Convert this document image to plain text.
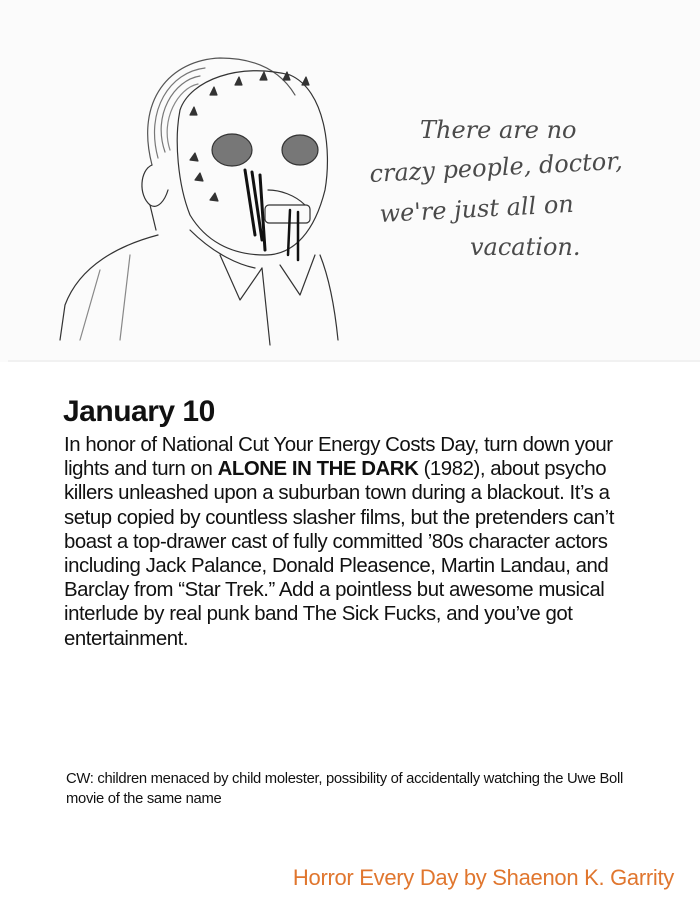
There are no
crazy people, doctor,
we're just all on
vacation.
January 10

In honor of National Cut Your Energy Costs Day, turn down your lights and turn on ALONE IN THE DARK (1982), about psycho killers unleashed upon a suburban town during a blackout. It’s a setup copied by countless slasher films, but the pretenders can’t boast a top-drawer cast of fully committed ’80s character actors including Jack Palance, Donald Pleasence, Martin Landau, and Barclay from “Star Trek.” Add a pointless but awesome musical interlude by real punk band The Sick Fucks, and you’ve got entertainment.

CW: children menaced by child molester, possibility of accidentally watching the Uwe Boll movie of the same name

Horror Every Day by Shaenon K. Garrity
